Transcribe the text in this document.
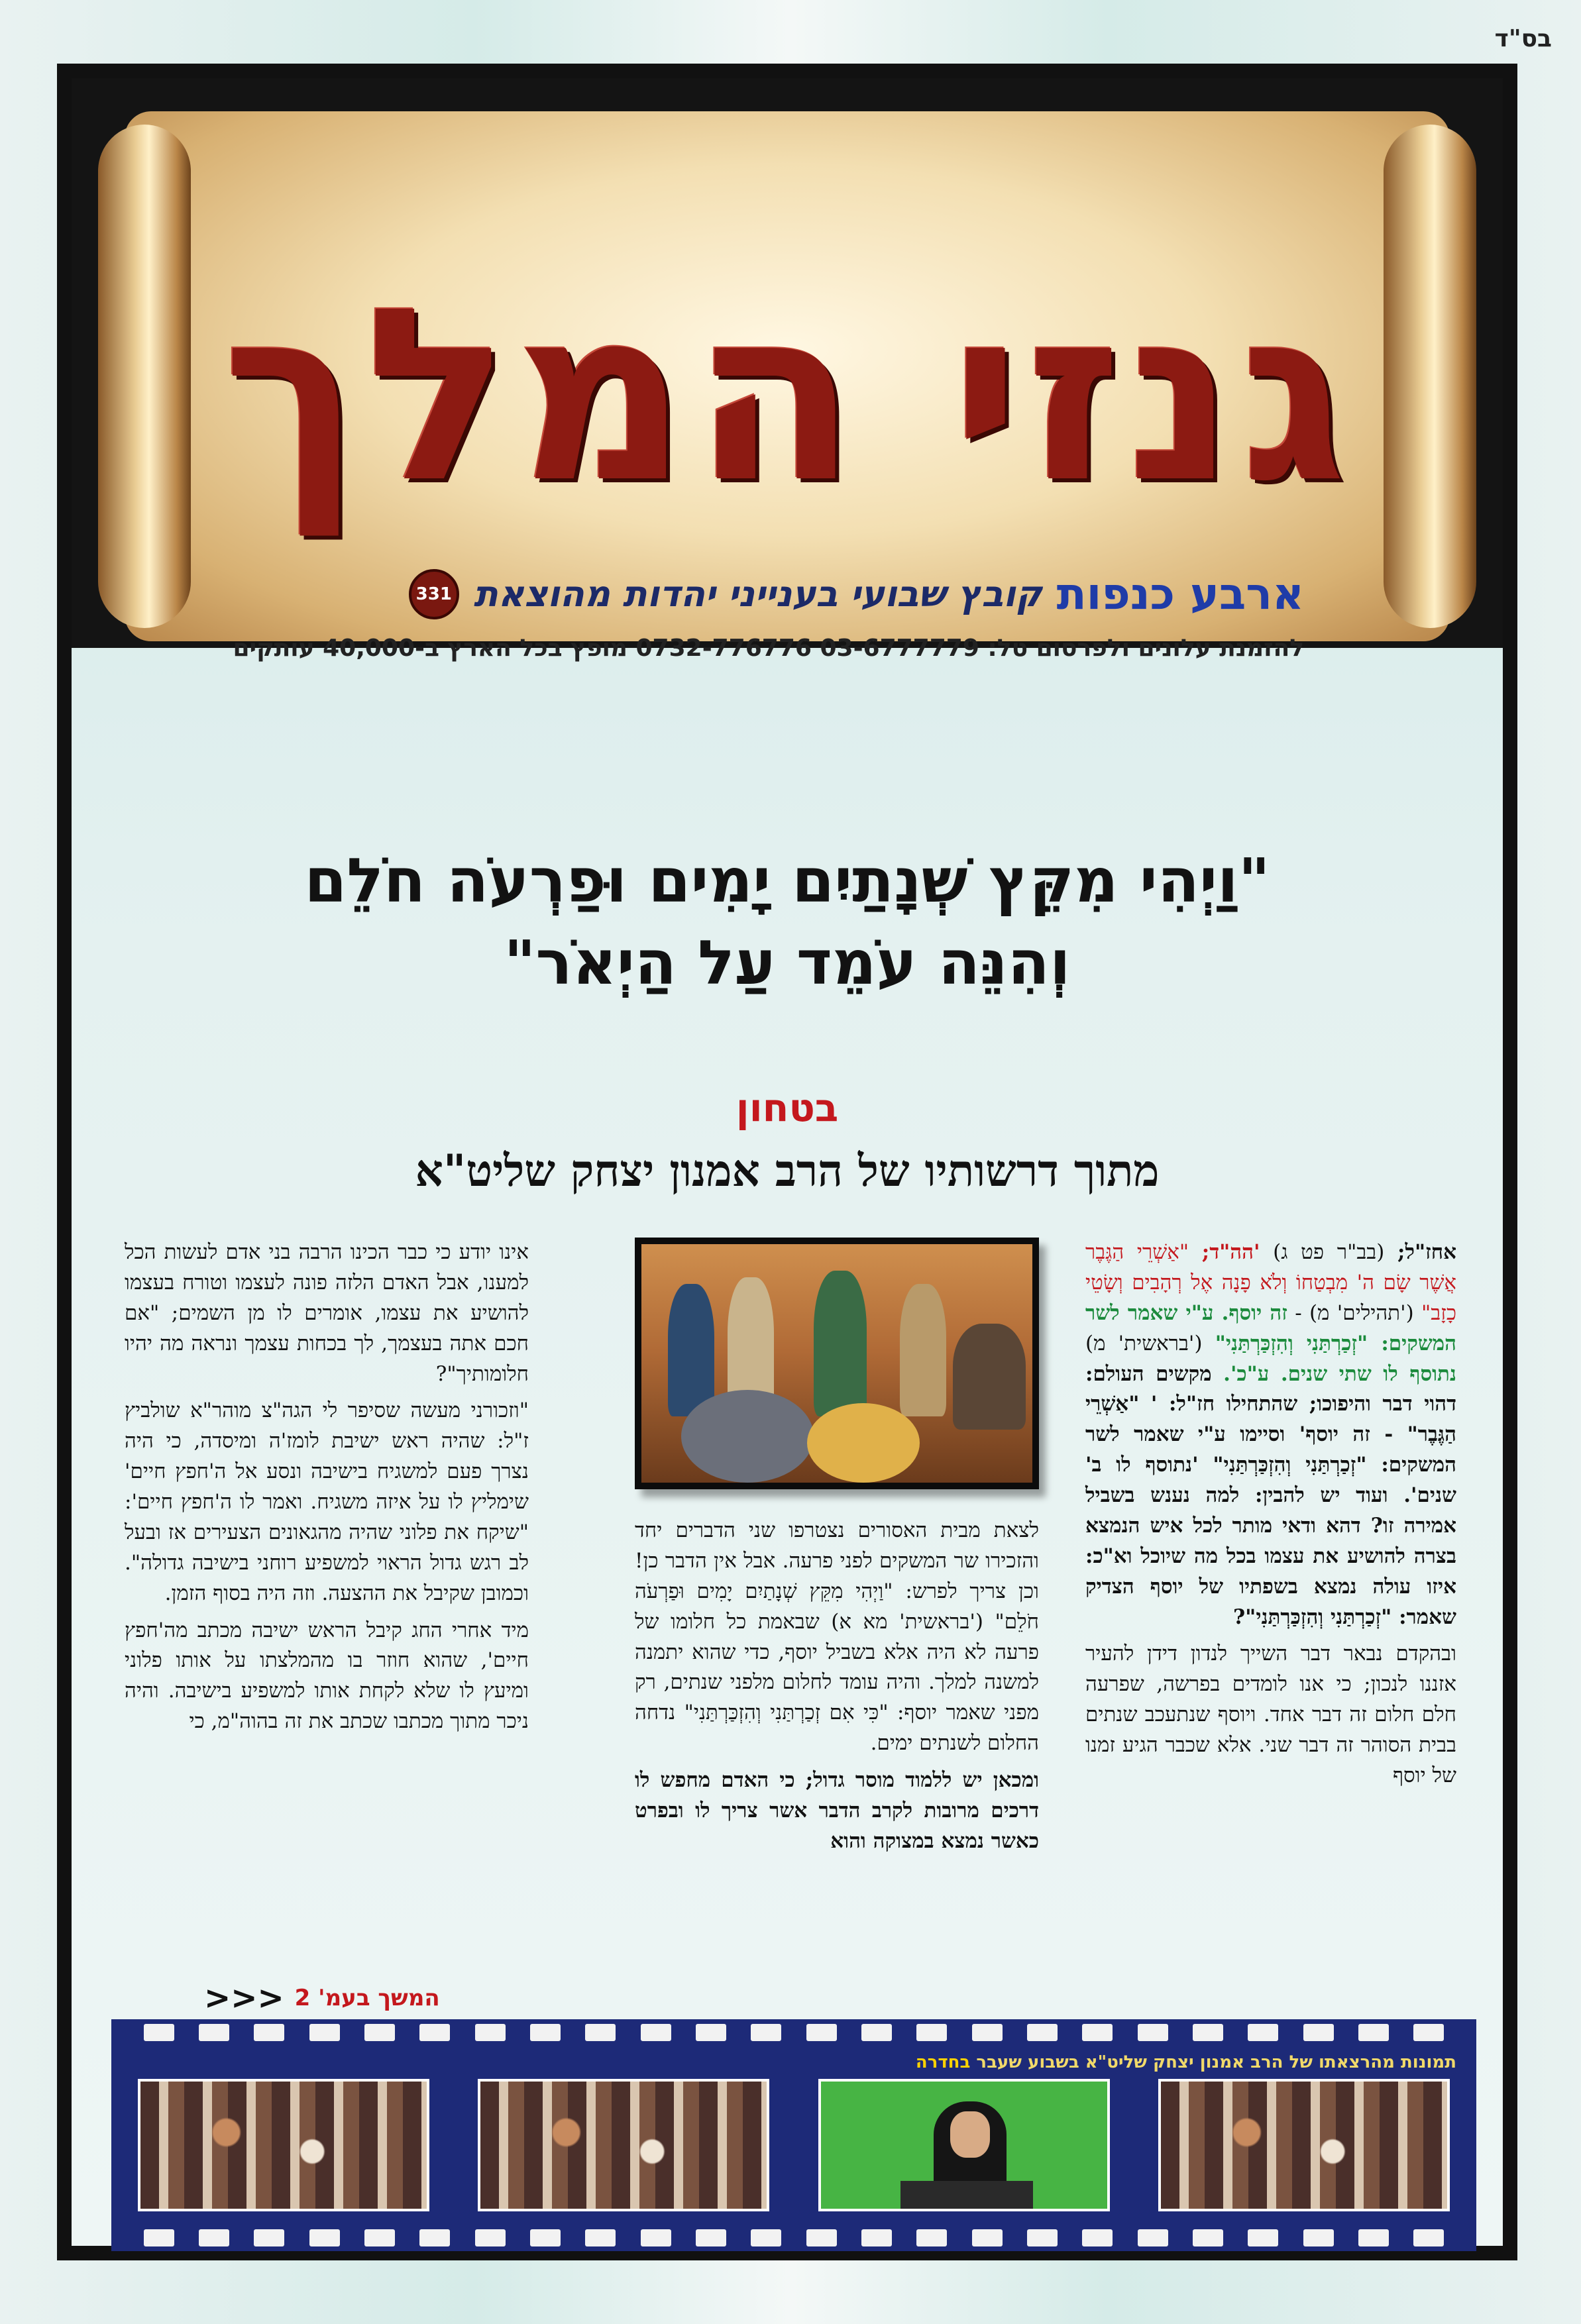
בס"ד
גנזי המלך
331 קובץ שבועי בענייני יהדות מהוצאת ארבע כנפות
להזמנת עלונים ולפרסום טל: 03-6777779 0732-776776 מופץ בכל הארץ ב-40,000 עותקים
"וַיְהִי מִקֵּץ שְׁנָתַיִם יָמִים וּפַרְעֹה חֹלֵם
וְהִנֵּה עֹמֵד עַל הַיְאֹר"
בטחון
מתוך דרשותיו של הרב אמנון יצחק שליט"א

אחז"ל; (בב"ר פט ג) 'הה"ד; "אַשְׁרֵי הַגֶּבֶר אֲשֶׁר שָׂם ה' מִבְטַחוֹ וְלֹא פָנָה אֶל רְהָבִים וְשָׂטֵי כָזָב" ('תהילים' מ) - זה יוסף. ע"י שאמר לשר המשקים: "זְכַרְתַּנִי וְהִזְכַּרְתַּנִי" ('בראשית' מ) נתוסף לו שתי שנים. ע"כ'. מקשים העולם: דהוי דבר והיפוכו; שהתחילו חז"ל: ' "אַשְׁרֵי הַגֶּבֶר" - זה יוסף' וסיימו ע"י שאמר לשר המשקים: "זְכַרְתַּנִי וְהִזְכַּרְתַּנִי" 'נתוסף לו ב' שנים'. ועוד יש להבין: למה נענש בשביל אמירה זו? דהא ודאי מותר לכל איש הנמצא בצרה להושיע את עצמו בכל מה שיוכל וא"כ: איזו עולה נמצא בשפתיו של יוסף הצדיק שאמר: "זְכַרְתַּנִי וְהִזְכַּרְתַּנִי"?

ובהקדם נבאר דבר השייך לנדון דידן להעיר אזננו לנכון; כי אנו לומדים בפרשה, שפרעה חלם חלום זה דבר אחד. ויוסף שנתעכב שנתים בבית הסוהר זה דבר שני. אלא שכבר הגיע זמנו של יוסף

לצאת מבית האסורים נצטרפו שני הדברים יחד והזכירו שר המשקים לפני פרעה. אבל אין הדבר כן! וכן צריך לפרש: "וַיְהִי מִקֵּץ שְׁנָתַיִם יָמִים וּפַרְעֹה חֹלֵם" ('בראשית' מא א) שבאמת כל חלומו של פרעה לא היה אלא בשביל יוסף, כדי שהוא יתמנה למשנה למלך. והיה עומד לחלום מלפני שנתים, רק מפני שאמר יוסף: "כִּי אִם זְכַרְתַּנִי וְהִזְכַּרְתַּנִי" נדחה החלום לשנתים ימים.

ומכאן יש ללמוד מוסר גדול; כי האדם מחפש לו דרכים מרובות לקרב הדבר אשר צריך לו ובפרט כאשר נמצא במצוקה והוא

אינו יודע כי כבר הכינו הרבה בני אדם לעשות הכל למענו, אבל האדם הלזה פונה לעצמו וטורח בעצמו להושיע את עצמו, אומרים לו מן השמים; "אם חכם אתה בעצמך, לך בכחות עצמך ונראה מה יהיו חלומותיך"?

"וזכורני מעשה שסיפר לי הגה"צ מוהר"א שולביץ ז"ל: שהיה ראש ישיבת לומז'ה ומיסדה, כי היה נצרך פעם למשגיח בישיבה ונסע אל ה'חפץ חיים' שימליץ לו על איזה משגיח. ואמר לו ה'חפץ חיים': "שיקח את פלוני שהיה מהגאונים הצעירים אז ובעל לב רגש גדול הראוי למשפיע רוחני בישיבה גדולה". וכמובן שקיבל את ההצעה. וזה היה בסוף הזמן.

מיד אחרי החג קיבל הראש ישיבה מכתב מה'חפץ חיים', שהוא חוזר בו מהמלצתו על אותו פלוני ומיעץ לו שלא לקחת אותו למשפיע בישיבה. והיה ניכר מתוך מכתבו שכתב את זה בהוה"מ, כי

המשך בעמ' 2
<<<
תמונות מהרצאתו של הרב אמנון יצחק שליט"א בשבוע שעבר בחדרה
